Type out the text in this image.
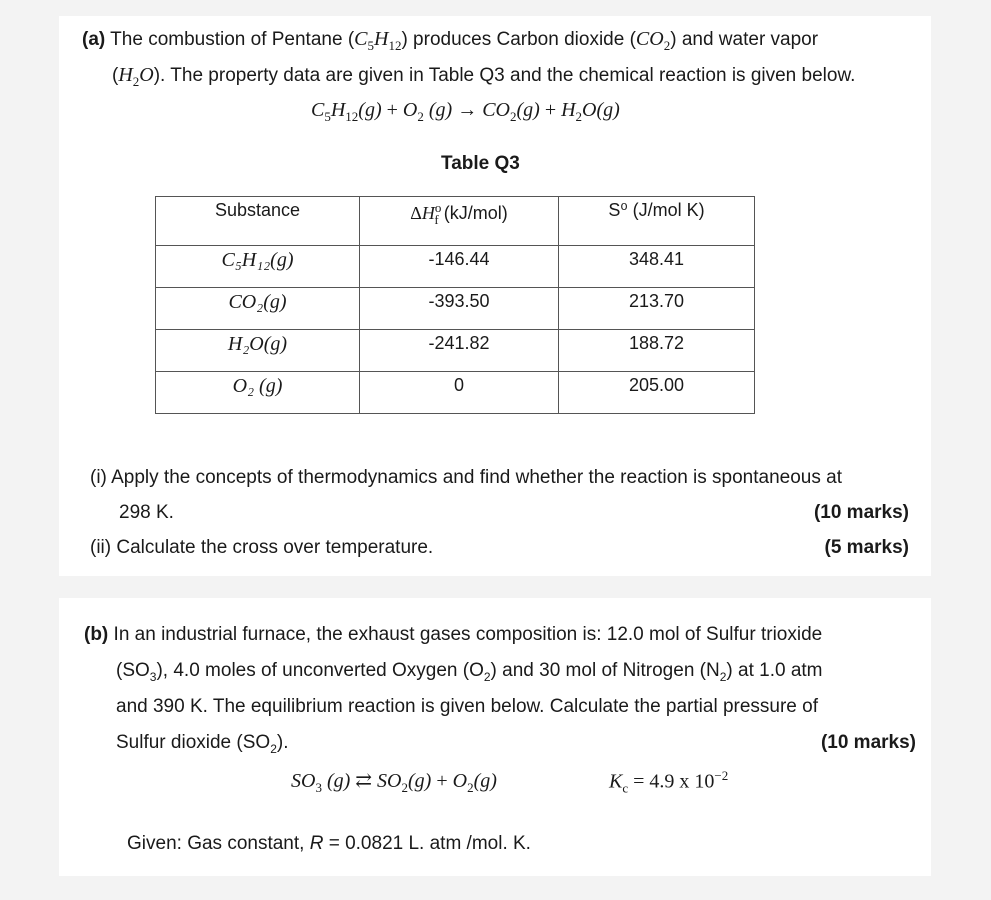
(a) The combustion of Pentane $(C_5H_{12})$ produces Carbon dioxide $(CO_2)$ and water vapor
$(H_2O)$. The property data are given in Table Q3 and the chemical reaction is given below.
$C_5H_{12}(g) + O_2$ $(g) \to CO_2(g) + H_2O(g)$
Table Q3
Substance	$\Delta H^o_f$ (kJ/mol)	S⁰ (J/mol K)
C₅H₁₂(g)	-146.44	348.41
CO₂(g)	-393.50	213.70
H₂O(g)	-241.82	188.72
O₂ (g)	0	205.00
(i) Apply the concepts of thermodynamics and find whether the reaction is spontaneous at
298 K.	(10 marks)
(ii) Calculate the cross over temperature.	(5 marks)
(b) In an industrial furnace, the exhaust gases composition is: 12.0 mol of Sulfur trioxide
$(SO_3)$, 4.0 moles of unconverted Oxygen $(O_2)$ and 30 mol of Nitrogen $(N_2)$ at 1.0 atm
and 390 K. The equilibrium reaction is given below. Calculate the partial pressure of
Sulfur dioxide $(SO_2)$.	(10 marks)
$SO_3$ (g) ⇄ $SO_2(g) + O_2(g)$	$K_c = 4.9$ x $10^{-2}$
Given: Gas constant, R = 0.0821 L. atm /mol. K.
